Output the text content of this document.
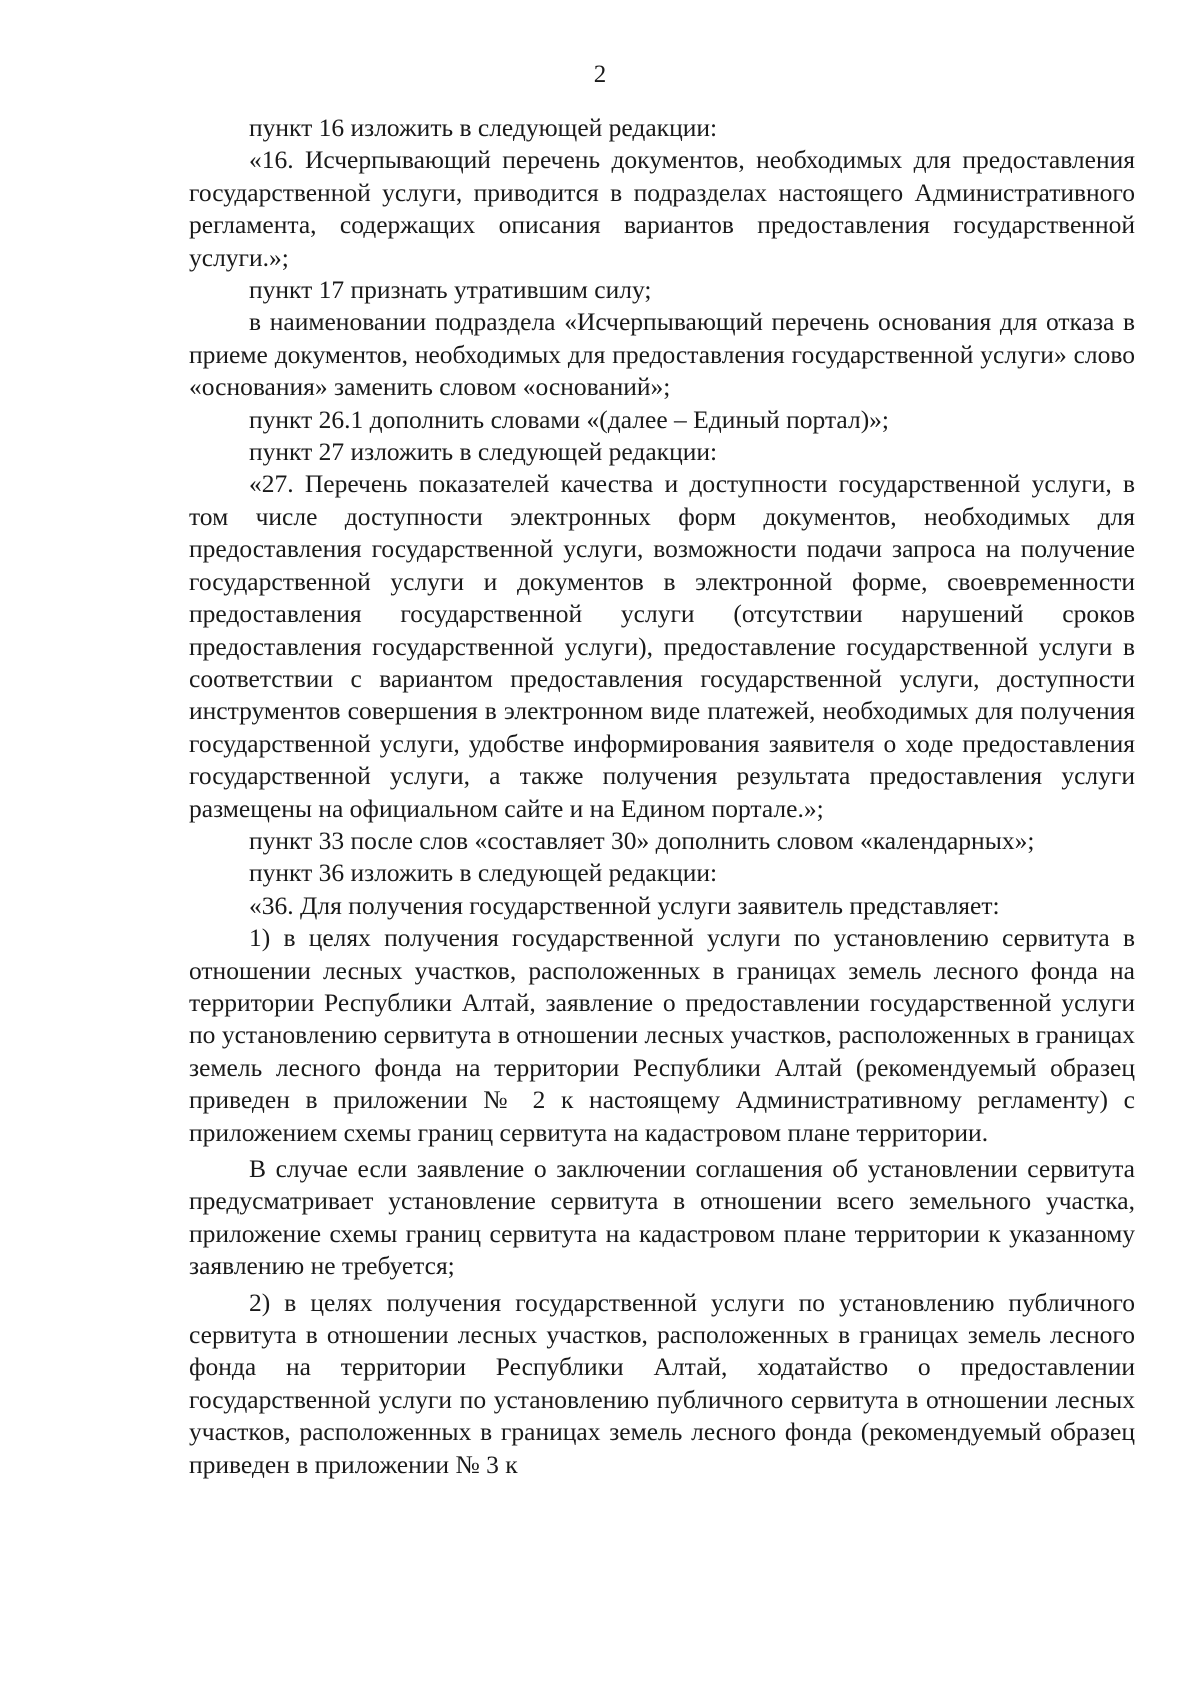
2

пункт 16 изложить в следующей редакции:

«16. Исчерпывающий перечень документов, необходимых для предоставления государственной услуги, приводится в подразделах настоящего Административного регламента, содержащих описания вариантов предоставления государственной услуги.»;

пункт 17 признать утратившим силу;

в наименовании подраздела «Исчерпывающий перечень основания для отказа в приеме документов, необходимых для предоставления государственной услуги» слово «основания» заменить словом «оснований»;

пункт 26.1 дополнить словами «(далее – Единый портал)»;

пункт 27 изложить в следующей редакции:

«27. Перечень показателей качества и доступности государственной услуги, в том числе доступности электронных форм документов, необходимых для предоставления государственной услуги, возможности подачи запроса на получение государственной услуги и документов в электронной форме, своевременности предоставления государственной услуги (отсутствии нарушений сроков предоставления государственной услуги), предоставление государственной услуги в соответствии с вариантом предоставления государственной услуги, доступности инструментов совершения в электронном виде платежей, необходимых для получения государственной услуги, удобстве информирования заявителя о ходе предоставления государственной услуги, а также получения результата предоставления услуги размещены на официальном сайте и на Едином портале.»;

пункт 33 после слов «составляет 30» дополнить словом «календарных»;

пункт 36 изложить в следующей редакции:

«36. Для получения государственной услуги заявитель представляет:

1) в целях получения государственной услуги по установлению сервитута в отношении лесных участков, расположенных в границах земель лесного фонда на территории Республики Алтай, заявление о предоставлении государственной услуги по установлению сервитута в отношении лесных участков, расположенных в границах земель лесного фонда на территории Республики Алтай (рекомендуемый образец приведен в приложении № 2 к настоящему Административному регламенту) с приложением схемы границ сервитута на кадастровом плане территории.

В случае если заявление о заключении соглашения об установлении сервитута предусматривает установление сервитута в отношении всего земельного участка, приложение схемы границ сервитута на кадастровом плане территории к указанному заявлению не требуется;

2) в целях получения государственной услуги по установлению публичного сервитута в отношении лесных участков, расположенных в границах земель лесного фонда на территории Республики Алтай, ходатайство о предоставлении государственной услуги по установлению публичного сервитута в отношении лесных участков, расположенных в границах земель лесного фонда (рекомендуемый образец приведен в приложении № 3 к
